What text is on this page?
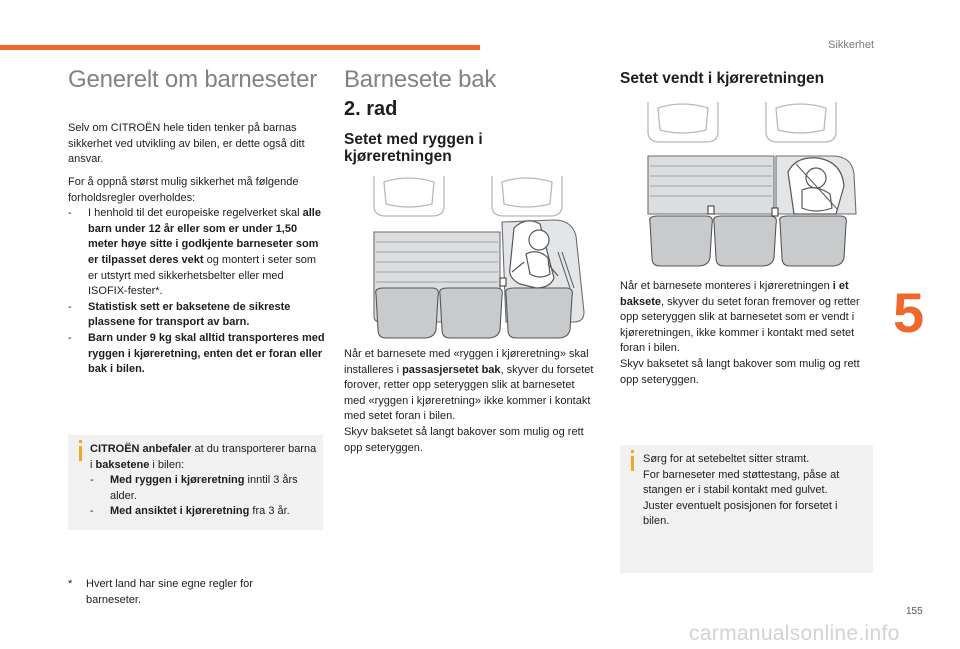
Sikkerhet
5
Generelt om barneseter
Selv om CITROËN hele tiden tenker på barnas sikkerhet ved utvikling av bilen, er dette også ditt ansvar.
For å oppnå størst mulig sikkerhet må følgende forholdsregler overholdes:
- I henhold til det europeiske regelverket skal alle barn under 12 år eller som er under 1,50 meter høye sitte i godkjente barneseter som er tilpasset deres vekt og montert i seter som er utstyrt med sikkerhetsbelter eller med ISOFIX-fester*.
- Statistisk sett er baksetene de sikreste plassene for transport av barn.
- Barn under 9 kg skal alltid transporteres med ryggen i kjøreretning, enten det er foran eller bak i bilen.
CITROËN anbefaler at du transporterer barna i baksetene i bilen:
- Med ryggen i kjøreretning inntil 3 års alder.
- Med ansiktet i kjøreretning fra 3 år.
* Hvert land har sine egne regler for barneseter.
Barnesete bak
2. rad
Setet med ryggen i kjøreretningen
Når et barnesete med «ryggen i kjøreretning» skal installeres i passasjersetet bak, skyver du forsetet forover, retter opp seteryggen slik at barnesetet med «ryggen i kjøreretning» ikke kommer i kontakt med setet foran i bilen.
Skyv baksetet så langt bakover som mulig og rett opp seteryggen.
Setet vendt i kjøreretningen
Når et barnesete monteres i kjøreretningen i et baksete, skyver du setet foran fremover og retter opp seteryggen slik at barnesetet som er vendt i kjøreretningen, ikke kommer i kontakt med setet foran i bilen.
Skyv baksetet så langt bakover som mulig og rett opp seteryggen.
Sørg for at setebeltet sitter stramt.
For barneseter med støttestang, påse at stangen er i stabil kontakt med gulvet.
Juster eventuelt posisjonen for forsetet i bilen.
155
carmanualsonline.info
